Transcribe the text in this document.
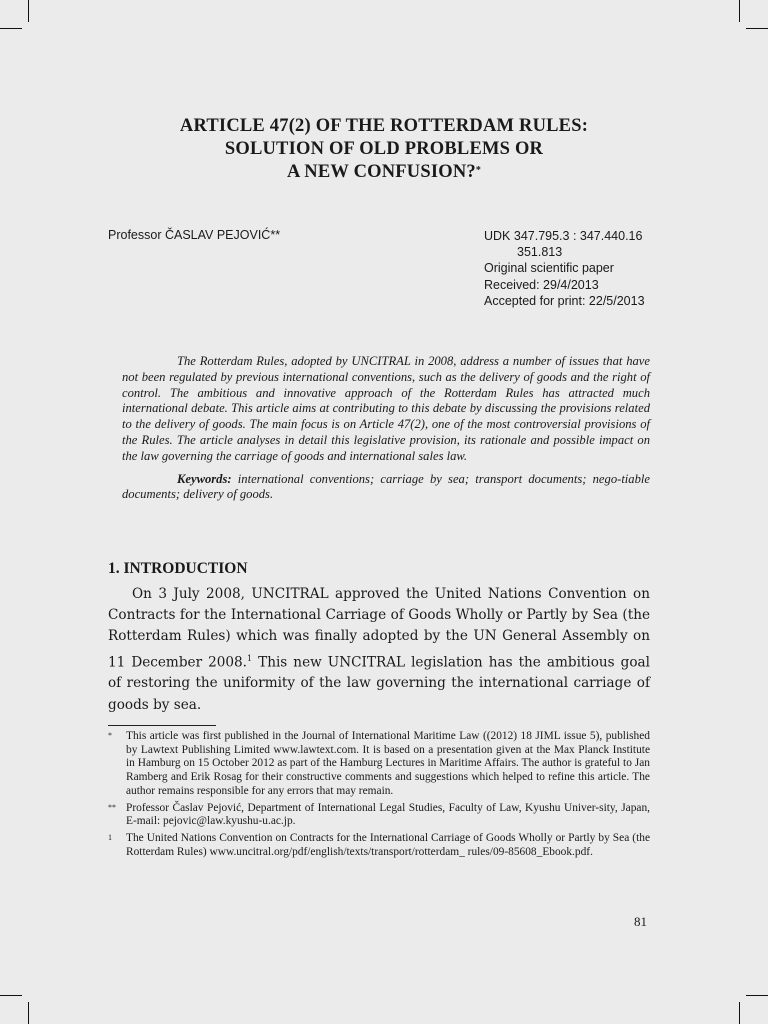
ARTICLE 47(2) OF THE ROTTERDAM RULES:
SOLUTION OF OLD PROBLEMS OR
A NEW CONFUSION?*
Professor ČASLAV PEJOVIĆ**	UDK 347.795.3 : 347.440.16
351.813
Original scientific paper
Received: 29/4/2013
Accepted for print: 22/5/2013

The Rotterdam Rules, adopted by UNCITRAL in 2008, address a number of issues that have not been regulated by previous international conventions, such as the delivery of goods and the right of control. The ambitious and innovative approach of the Rotterdam Rules has attracted much international debate. This article aims at contributing to this debate by discussing the provisions related to the delivery of goods. The main focus is on Article 47(2), one of the most controversial provisions of the Rules. The article analyses in detail this legislative provision, its rationale and possible impact on the law governing the carriage of goods and international sales law.

Keywords: international conventions; carriage by sea; transport documents; nego-tiable documents; delivery of goods.

1. INTRODUCTION

On 3 July 2008, UNCITRAL approved the United Nations Convention on Contracts for the International Carriage of Goods Wholly or Partly by Sea (the Rotterdam Rules) which was finally adopted by the UN General Assembly on 11 December 2008.$^1$ This new UNCITRAL legislation has the ambitious goal of restoring the uniformity of the law governing the international carriage of goods by sea.

*	This article was first published in the Journal of International Maritime Law ((2012) 18 JIML issue 5), published by Lawtext Publishing Limited www.lawtext.com. It is based on a presentation given at the Max Planck Institute in Hamburg on 15 October 2012 as part of the Hamburg Lectures in Maritime Affairs. The author is grateful to Jan Ramberg and Erik Rosag for their constructive comments and suggestions which helped to refine this article. The author remains responsible for any errors that may remain.
** Professor Časlav Pejović, Department of International Legal Studies, Faculty of Law, Kyushu Univer-sity, Japan, E-mail: pejovic@law.kyushu-u.ac.jp.
1	The United Nations Convention on Contracts for the International Carriage of Goods Wholly or Partly by Sea (the Rotterdam Rules) www.uncitral.org/pdf/english/texts/transport/rotterdam_ rules/09-85608_Ebook.pdf.
81
